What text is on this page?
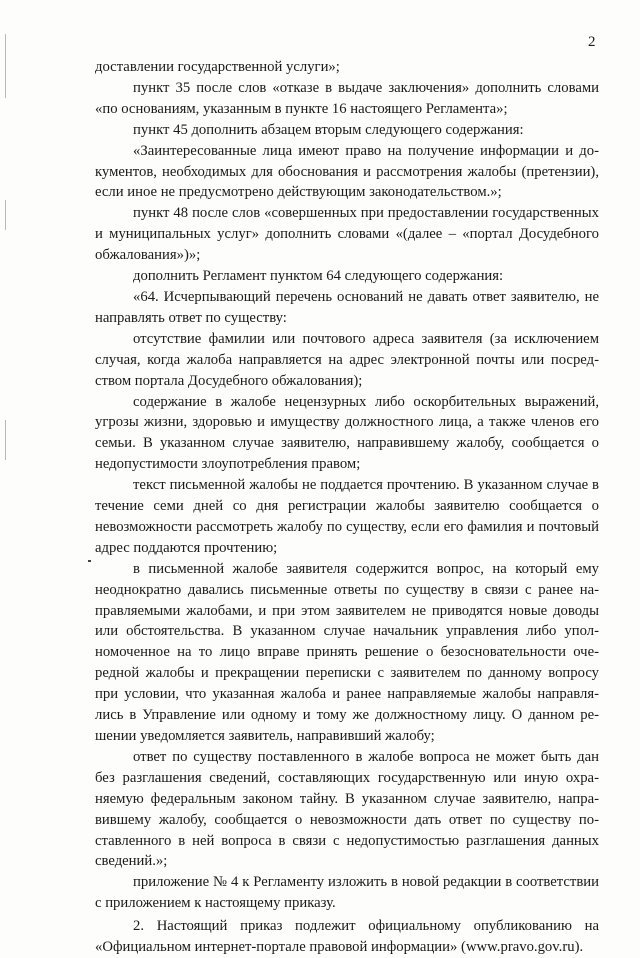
2

доставлении государственной услуги»;

пункт 35 после слов «отказе в выдаче заключения» дополнить словами «по основаниям, указанным в пункте 16 настоящего Регламента»;

пункт 45 дополнить абзацем вторым следующего содержания:

«Заинтересованные лица имеют право на получение информации и документов, необходимых для обоснования и рассмотрения жалобы (претензии), если иное не предусмотрено действующим законодательством.»;

пункт 48 после слов «совершенных при предоставлении государственных и муниципальных услуг» дополнить словами «(далее – «портал Досудебного обжалования»)»;

дополнить Регламент пунктом 64 следующего содержания:

«64. Исчерпывающий перечень оснований не давать ответ заявителю, не направлять ответ по существу:

отсутствие фамилии или почтового адреса заявителя (за исключением случая, когда жалоба направляется на адрес электронной почты или посредством портала Досудебного обжалования);

содержание в жалобе нецензурных либо оскорбительных выражений, угрозы жизни, здоровью и имуществу должностного лица, а также членов его семьи. В указанном случае заявителю, направившему жалобу, сообщается о недопустимости злоупотребления правом;

текст письменной жалобы не поддается прочтению. В указанном случае в течение семи дней со дня регистрации жалобы заявителю сообщается о невозможности рассмотреть жалобу по существу, если его фамилия и почтовый адрес поддаются прочтению;

в письменной жалобе заявителя содержится вопрос, на который ему неоднократно давались письменные ответы по существу в связи с ранее направляемыми жалобами, и при этом заявителем не приводятся новые доводы или обстоятельства. В указанном случае начальник управления либо уполномоченное на то лицо вправе принять решение о безосновательности очередной жалобы и прекращении переписки с заявителем по данному вопросу при условии, что указанная жалоба и ранее направляемые жалобы направлялись в Управление или одному и тому же должностному лицу. О данном решении уведомляется заявитель, направивший жалобу;

ответ по существу поставленного в жалобе вопроса не может быть дан без разглашения сведений, составляющих государственную или иную охраняемую федеральным законом тайну. В указанном случае заявителю, направившему жалобу, сообщается о невозможности дать ответ по существу поставленного в ней вопроса в связи с недопустимостью разглашения данных сведений.»;

приложение № 4 к Регламенту изложить в новой редакции в соответствии с приложением к настоящему приказу.

2. Настоящий приказ подлежит официальному опубликованию на «Официальном интернет-портале правовой информации» (www.pravo.gov.ru).
